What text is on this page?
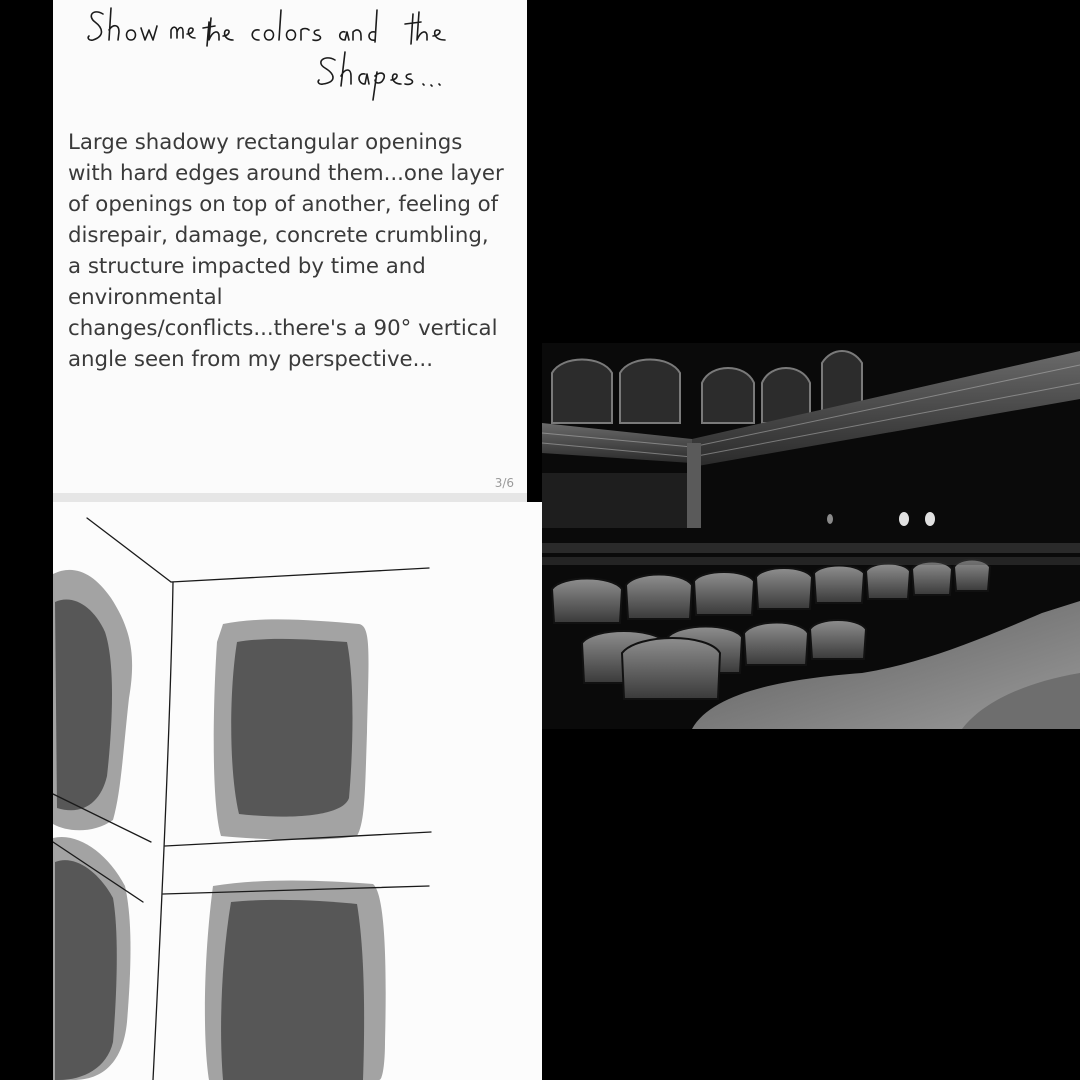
Large shadowy rectangular openings with hard edges around them...one layer of openings on top of another, feeling of disrepair, damage, concrete crumbling, a structure impacted by time and environmental changes/conflicts...there's a 90° vertical angle seen from my perspective...

3/6
